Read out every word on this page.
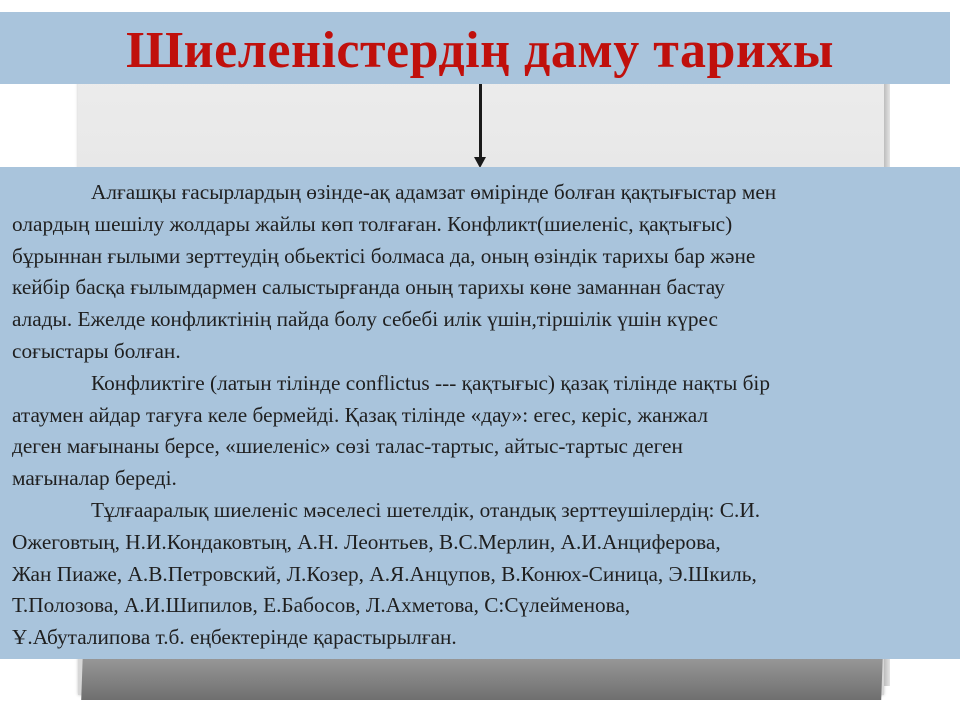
Шиеленістердің даму тарихы

Алғашқы ғасырлардың өзінде-ақ адамзат өмірінде болған қақтығыстар мен
олардың шешілу жолдары жайлы көп толғаған. Конфликт(шиеленіс, қақтығыс)
бұрыннан ғылыми зерттеудің обьектісі болмаса да, оның өзіндік тарихы бар және
кейбір басқа ғылымдармен салыстырғанда оның тарихы көне заманнан бастау
алады. Ежелде конфликтінің пайда болу себебі илік үшін,тіршілік үшін күрес
соғыстары болған.

Конфликтіге (латын тілінде conflictus --- қақтығыс) қазақ тілінде нақты бір
атаумен айдар тағуға келе бермейді. Қазақ тілінде «дау»: егес, керіс, жанжал
деген мағынаны берсе, «шиеленіс» сөзі талас-тартыс, айтыс-тартыс деген
мағыналар береді.

Тұлғааралық шиеленіс мәселесі шетелдік, отандық зерттеушілердің: С.И.
Ожеговтың, Н.И.Кондаковтың, А.Н. Леонтьев, В.С.Мерлин, А.И.Анциферова,
Жан Пиаже, А.В.Петровский, Л.Козер, А.Я.Анцупов, В.Конюх-Синица, Э.Шкиль,
Т.Полозова, А.И.Шипилов, Е.Бабосов, Л.Ахметова, С:Сүлейменова,
Ұ.Абуталипова т.б. еңбектерінде қарастырылған.
